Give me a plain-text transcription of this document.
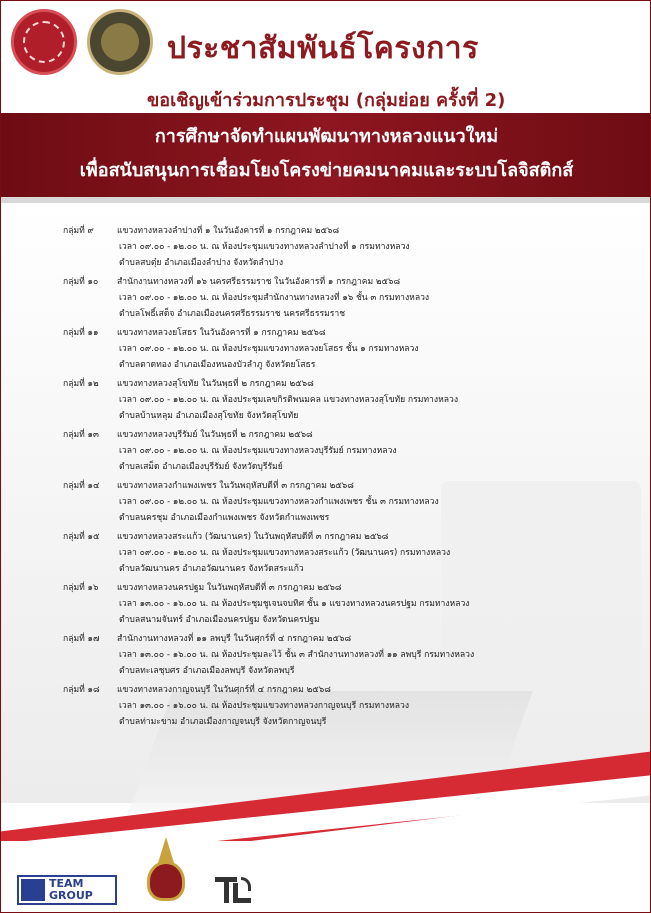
ประชาสัมพันธ์โครงการ
ขอเชิญเข้าร่วมการประชุม (กลุ่มย่อย ครั้งที่ 2)
การศึกษาจัดทำแผนพัฒนาทางหลวงแนวใหม่
เพื่อสนับสนุนการเชื่อมโยงโครงข่ายคมนาคมและระบบโลจิสติกส์
กลุ่มที่ ๙	แขวงทางหลวงลำปางที่ ๑ ในวันอังคารที่ ๑ กรกฎาคม ๒๕๖๘
เวลา ๐๙.๐๐ - ๑๒.๐๐ น. ณ ห้องประชุมแขวงทางหลวงลำปางที่ ๑ กรมทางหลวง
ตำบลสบตุ๋ย อำเภอเมืองลำปาง จังหวัดลำปาง
กลุ่มที่ ๑๐ สำนักงานทางหลวงที่ ๑๖ นครศรีธรรมราช ในวันอังคารที่ ๑ กรกฎาคม ๒๕๖๘
เวลา ๐๙.๐๐ - ๑๒.๐๐ น. ณ ห้องประชุมสำนักงานทางหลวงที่ ๑๖ ชั้น ๓ กรมทางหลวง
ตำบลโพธิ์เสด็จ อำเภอเมืองนครศรีธรรมราช นครศรีธรรมราช
กลุ่มที่ ๑๑ แขวงทางหลวงยโสธร ในวันอังคารที่ ๑ กรกฎาคม ๒๕๖๘
เวลา ๐๙.๐๐ - ๑๒.๐๐ น. ณ ห้องประชุมแขวงทางหลวงยโสธร ชั้น ๑ กรมทางหลวง
ตำบลตาดทอง อำเภอเมืองหนองบัวลำภู จังหวัดยโสธร
กลุ่มที่ ๑๒ แขวงทางหลวงสุโขทัย ในวันพุธที่ ๒ กรกฎาคม ๒๕๖๘
เวลา ๐๙.๐๐ - ๑๒.๐๐ น. ณ ห้องประชุมเลขกิรติพนมคล แขวงทางหลวงสุโขทัย กรมทางหลวง
ตำบลบ้านหลุม อำเภอเมืองสุโขทัย จังหวัดสุโขทัย
กลุ่มที่ ๑๓ แขวงทางหลวงบุรีรัมย์ ในวันพุธที่ ๒ กรกฎาคม ๒๕๖๘
เวลา ๐๙.๐๐ - ๑๒.๐๐ น. ณ ห้องประชุมแขวงทางหลวงบุรีรัมย์ กรมทางหลวง
ตำบลเสม็ด อำเภอเมืองบุรีรัมย์ จังหวัดบุรีรัมย์
กลุ่มที่ ๑๔ แขวงทางหลวงกำแพงเพชร ในวันพฤหัสบดีที่ ๓ กรกฎาคม ๒๕๖๘
เวลา ๐๙.๐๐ - ๑๒.๐๐ น. ณ ห้องประชุมแขวงทางหลวงกำแพงเพชร ชั้น ๓ กรมทางหลวง
ตำบลนครชุม อำเภอเมืองกำแพงเพชร จังหวัดกำแพงเพชร
กลุ่มที่ ๑๕ แขวงทางหลวงสระแก้ว (วัฒนานคร) ในวันพฤหัสบดีที่ ๓ กรกฎาคม ๒๕๖๘
เวลา ๐๙.๐๐ - ๑๒.๐๐ น. ณ ห้องประชุมแขวงทางหลวงสระแก้ว (วัฒนานคร) กรมทางหลวง
ตำบลวัฒนานคร อำเภอวัฒนานคร จังหวัดสระแก้ว
กลุ่มที่ ๑๖ แขวงทางหลวงนครปฐม ในวันพฤหัสบดีที่ ๓ กรกฎาคม ๒๕๖๘
เวลา ๑๓.๐๐ - ๑๖.๐๐ น. ณ ห้องประชุมชูเจนจบทิศ ชั้น ๑ แขวงทางหลวงนครปฐม กรมทางหลวง
ตำบลสนามจันทร์ อำเภอเมืองนครปฐม จังหวัดนครปฐม
กลุ่มที่ ๑๗ สำนักงานทางหลวงที่ ๑๑ ลพบุรี ในวันศุกร์ที่ ๔ กรกฎาคม ๒๕๖๘
เวลา ๑๓.๐๐ - ๑๖.๐๐ น. ณ ห้องประชุมละไว้ ชั้น ๓ สำนักงานทางหลวงที่ ๑๑ ลพบุรี กรมทางหลวง
ตำบลทะเลชุบศร อำเภอเมืองลพบุรี จังหวัดลพบุรี
กลุ่มที่ ๑๘ แขวงทางหลวงกาญจนบุรี ในวันศุกร์ที่ ๔ กรกฎาคม ๒๕๖๘
เวลา ๑๓.๐๐ - ๑๖.๐๐ น. ณ ห้องประชุมแขวงทางหลวงกาญจนบุรี กรมทางหลวง
ตำบลท่ามะขาม อำเภอเมืองกาญจนบุรี จังหวัดกาญจนบุรี
TEAM GROUP
